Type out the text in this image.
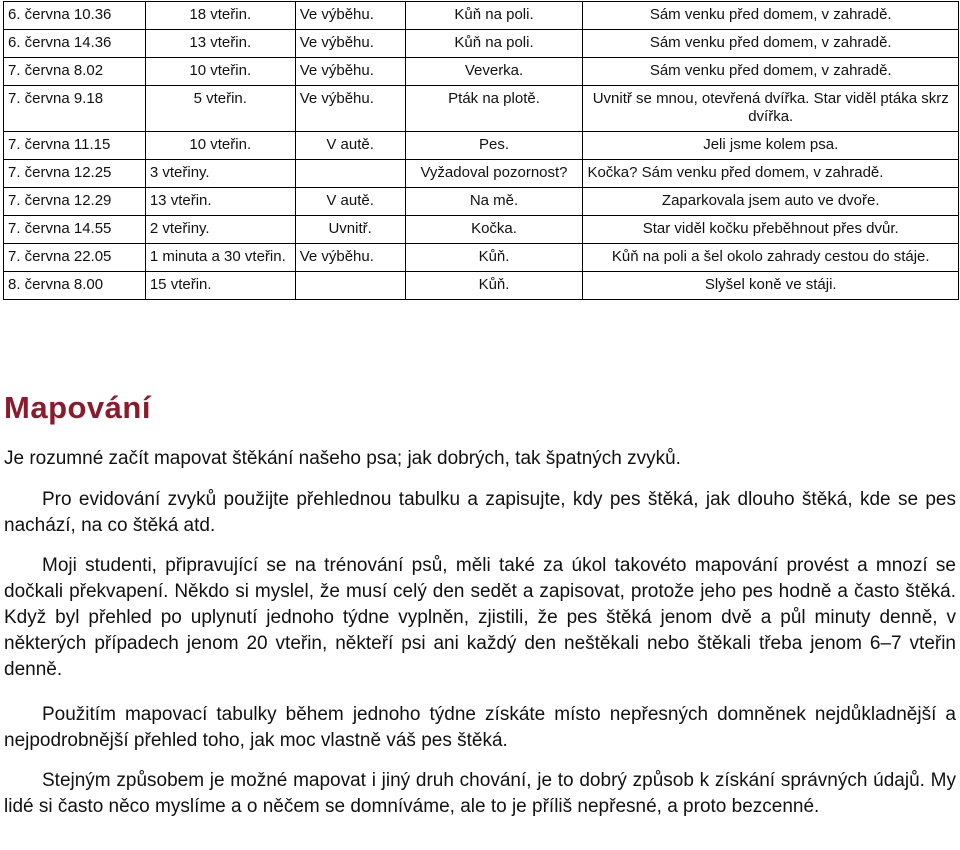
6. června 10.36	18 vteřin.	Ve výběhu.	Kůň na poli.	Sám venku před domem, v zahradě.
6. června 14.36	13 vteřin.	Ve výběhu.	Kůň na poli.	Sám venku před domem, v zahradě.
7. června 8.02	10 vteřin.	Ve výběhu.	Veverka.	Sám venku před domem, v zahradě.
7. června 9.18	5 vteřin.	Ve výběhu.	Pták na plotě.	Uvnitř se mnou, otevřená dvířka. Star viděl ptáka skrz dvířka.
7. června 11.15	10 vteřin.	V autě.	Pes.	Jeli jsme kolem psa.
7. června 12.25	3 vteřiny.		Vyžadoval pozornost?	Kočka? Sám venku před domem, v zahradě.
7. června 12.29	13 vteřin.	V autě.	Na mě.	Zaparkovala jsem auto ve dvoře.
7. června 14.55	2 vteřiny.	Uvnitř.	Kočka.	Star viděl kočku přeběhnout přes dvůr.
7. června 22.05	1 minuta a 30 vteřin.	Ve výběhu.	Kůň.	Kůň na poli a šel okolo zahrady cestou do stáje.
8. června 8.00	15 vteřin.		Kůň.	Slyšel koně ve stáji.
Mapování

Je rozumné začít mapovat štěkání našeho psa; jak dobrých, tak špatných zvyků.

Pro evidování zvyků použijte přehlednou tabulku a zapisujte, kdy pes štěká, jak dlouho štěká, kde se pes nachází, na co štěká atd.

Moji studenti, připravující se na trénování psů, měli také za úkol takovéto mapování provést a mnozí se dočkali překvapení. Někdo si myslel, že musí celý den sedět a zapisovat, protože jeho pes hodně a často štěká. Když byl přehled po uplynutí jednoho týdne vyplněn, zjistili, že pes štěká jenom dvě a půl minuty denně, v některých případech jenom 20 vteřin, někteří psi ani každý den neštěkali nebo štěkali třeba jenom 6–7 vteřin denně.

Použitím mapovací tabulky během jednoho týdne získáte místo nepřesných domněnek nejdůkladnější a nejpodrobnější přehled toho, jak moc vlastně váš pes štěká.

Stejným způsobem je možné mapovat i jiný druh chování, je to dobrý způsob k získání správných údajů. My lidé si často něco myslíme a o něčem se domníváme, ale to je příliš nepřesné, a proto bezcenné.
